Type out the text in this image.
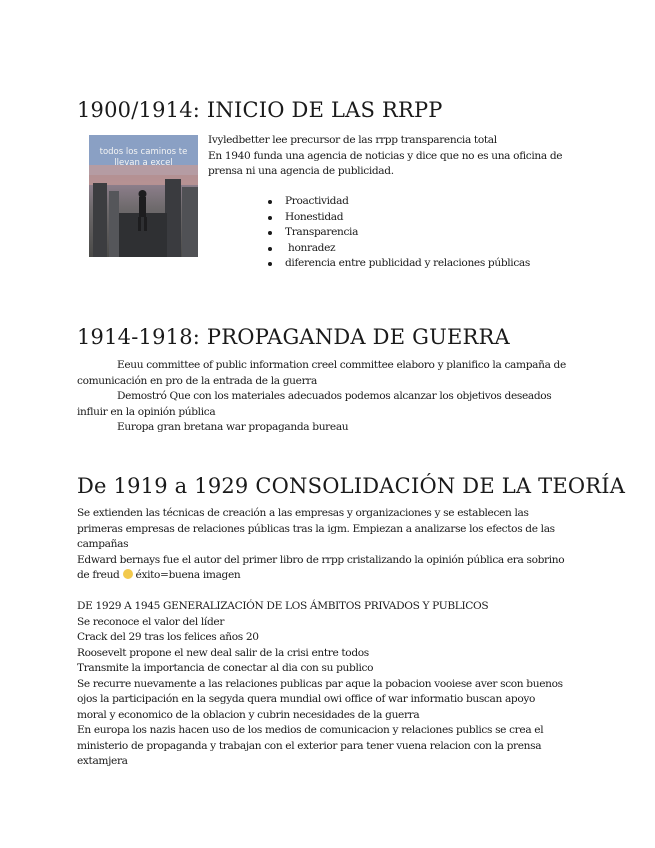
1900/1914: INICIO DE LAS RRPP
todos los caminos te llevan a excel
Ivyledbetter lee precursor de las rrpp transparencia total
En 1940 funda una agencia de noticias y dice que no es una oficina de
prensa ni una agencia de publicidad.
Proactividad
Honestidad
Transparencia
honradez
diferencia entre publicidad y relaciones públicas
1914-1918: PROPAGANDA DE GUERRA
Eeuu committee of public information creel committee elaboro y planifico la campaña de
comunicación en pro de la entrada de la guerra
Demostró Que con los materiales adecuados podemos alcanzar los objetivos deseados
influir en la opinión pública
Europa gran bretana war propaganda bureau
De 1919 a 1929 CONSOLIDACIÓN DE LA TEORÍA
Se extienden las técnicas de creación a las empresas y organizaciones y se establecen las
primeras empresas de relaciones públicas tras la igm. Empiezan a analizarse los efectos de las
campañas
Edward bernays fue el autor del primer libro de rrpp cristalizando la opinión pública era sobrino
de freud  éxito=buena imagen
DE 1929 A 1945 GENERALIZACIÓN DE LOS ÁMBITOS PRIVADOS Y PUBLICOS
Se reconoce el valor del líder
Crack del 29 tras los felices años 20
Roosevelt propone el new deal salir de la crisi entre todos
Transmite la importancia de conectar al dia con su publico
Se recurre nuevamente a las relaciones publicas par aque la pobacion vooiese aver scon buenos
ojos la participación en la segyda quera mundial owi office of war informatio buscan apoyo
moral y economico de la oblacion y cubrin necesidades de la guerra
En europa los nazis hacen uso de los medios de comunicacion y relaciones publics se crea el
ministerio de propaganda y trabajan con el exterior para tener vuena relacion con la prensa
extamjera
